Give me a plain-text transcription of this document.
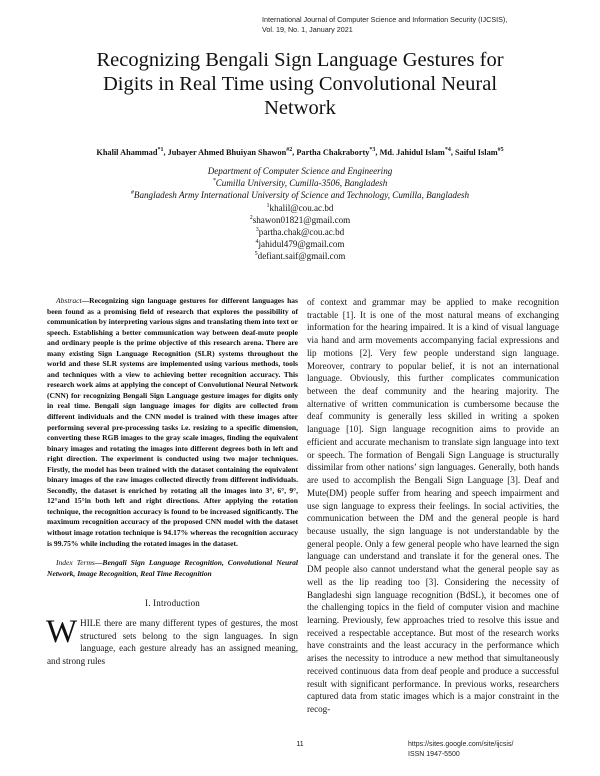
International Journal of Computer Science and Information Security (IJCSIS),
Vol. 19, No. 1, January 2021
Recognizing Bengali Sign Language Gestures for
Digits in Real Time using Convolutional Neural
Network
Khalil Ahammad$^{*1}$, Jubayer Ahmed Bhuiyan Shawon$^{\#2}$, Partha Chakraborty$^{*3}$, Md. Jahidul Islam$^{*4}$, Saiful Islam$^{\#5}$
Department of Computer Science and Engineering
*Cumilla University, Cumilla-3506, Bangladesh
#Bangladesh Army International University of Science and Technology, Cumilla, Bangladesh
$^1$khalil@cou.ac.bd
$^2$shawon01821@gmail.com
$^3$partha.chak@cou.ac.bd
$^4$jahidul479@gmail.com
$^5$defiant.saif@gmail.com

Abstract—Recognizing sign language gestures for different languages has been found as a promising field of research that explores the possibility of communication by interpreting various signs and translating them into text or speech. Establishing a better communication way between deaf-mute people and ordinary people is the prime objective of this research arena. There are many existing Sign Language Recognition (SLR) systems throughout the world and these SLR systems are implemented using various methods, tools and techniques with a view to achieving better recognition accuracy. This research work aims at applying the concept of Convolutional Neural Network (CNN) for recognizing Bengali Sign Language gesture images for digits only in real time. Bengali sign language images for digits are collected from different individuals and the CNN model is trained with these images after performing several pre-processing tasks i.e. resizing to a specific dimension, converting these RGB images to the gray scale images, finding the equivalent binary images and rotating the images into different degrees both in left and right direction. The experiment is conducted using two major techniques. Firstly, the model has been trained with the dataset containing the equivalent binary images of the raw images collected directly from different individuals. Secondly, the dataset is enriched by rotating all the images into 3°, 6°, 9°, 12°and 15°in both left and right directions. After applying the rotation technique, the recognition accuracy is found to be increased significantly. The maximum recognition accuracy of the proposed CNN model with the dataset without image rotation technique is 94.17% whereas the recognition accuracy is 99.75% while including the rotated images in the dataset.

Index Terms—Bengali Sign Language Recognition, Convolutional Neural Network, Image Recognition, Real Time Recognition

I. Introduction

WHILE there are many different types of gestures, the most structured sets belong to the sign languages. In sign language, each gesture already has an assigned meaning, and strong rules

of context and grammar may be applied to make recognition tractable [1]. It is one of the most natural means of exchanging information for the hearing impaired. It is a kind of visual language via hand and arm movements accompanying facial expressions and lip motions [2]. Very few people understand sign language. Moreover, contrary to popular belief, it is not an international language. Obviously, this further complicates communication between the deaf community and the hearing majority. The alternative of written communication is cumbersome because the deaf community is generally less skilled in writing a spoken language [10]. Sign language recognition aims to provide an efficient and accurate mechanism to translate sign language into text or speech. The formation of Bengali Sign Language is structurally dissimilar from other nations’ sign languages. Generally, both hands are used to accomplish the Bengali Sign Language [3]. Deaf and Mute(DM) people suffer from hearing and speech impairment and use sign language to express their feelings. In social activities, the communication between the DM and the general people is hard because usually, the sign language is not understandable by the general people. Only a few general people who have learned the sign language can understand and translate it for the general ones. The DM people also cannot understand what the general people say as well as the lip reading too [3]. Considering the necessity of Bangladeshi sign language recognition (BdSL), it becomes one of the challenging topics in the field of computer vision and machine learning. Previously, few approaches tried to resolve this issue and received a respectable acceptance. But most of the research works have constraints and the least accuracy in the performance which arises the necessity to introduce a new method that simultaneously received continuous data from deaf people and produce a successful result with significant performance. In previous works, researchers captured data from static images which is a major constraint in the recog-

11	https://sites.google.com/site/ijcsis/
ISSN 1947-5500
